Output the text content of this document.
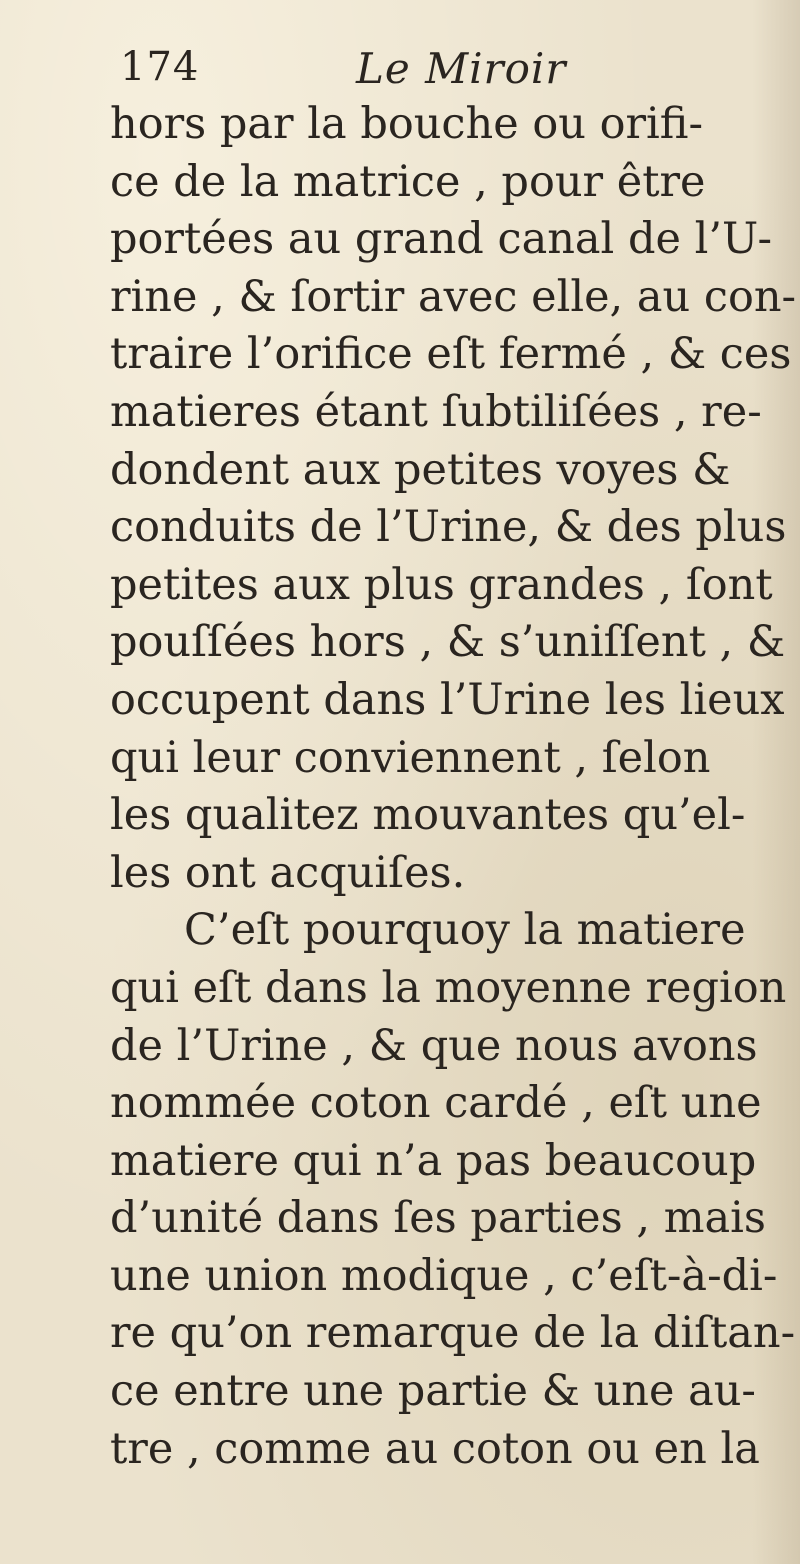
174	Le Miroir
hors par la bouche ou orifi-
ce de la matrice , pour être
portées au grand canal de l’U-
rine , & ſortir avec elle, au con-
traire l’orifice eſt fermé , & ces
matieres étant ſubtiliſées , re-
dondent aux petites voyes &
conduits de l’Urine, & des plus
petites aux plus grandes , ſont
pouſſées hors , & s’uniſſent , &
occupent dans l’Urine les lieux
qui leur conviennent , ſelon
les qualitez mouvantes qu’el-
les ont acquiſes.
C’eſt pourquoy la matiere
qui eſt dans la moyenne region
de l’Urine , & que nous avons
nommée coton cardé , eſt une
matiere qui n’a pas beaucoup
d’unité dans ſes parties , mais
une union modique , c’eſt-à-di-
re qu’on remarque de la diſtan-
ce entre une partie & une au-
tre , comme au coton ou en la
